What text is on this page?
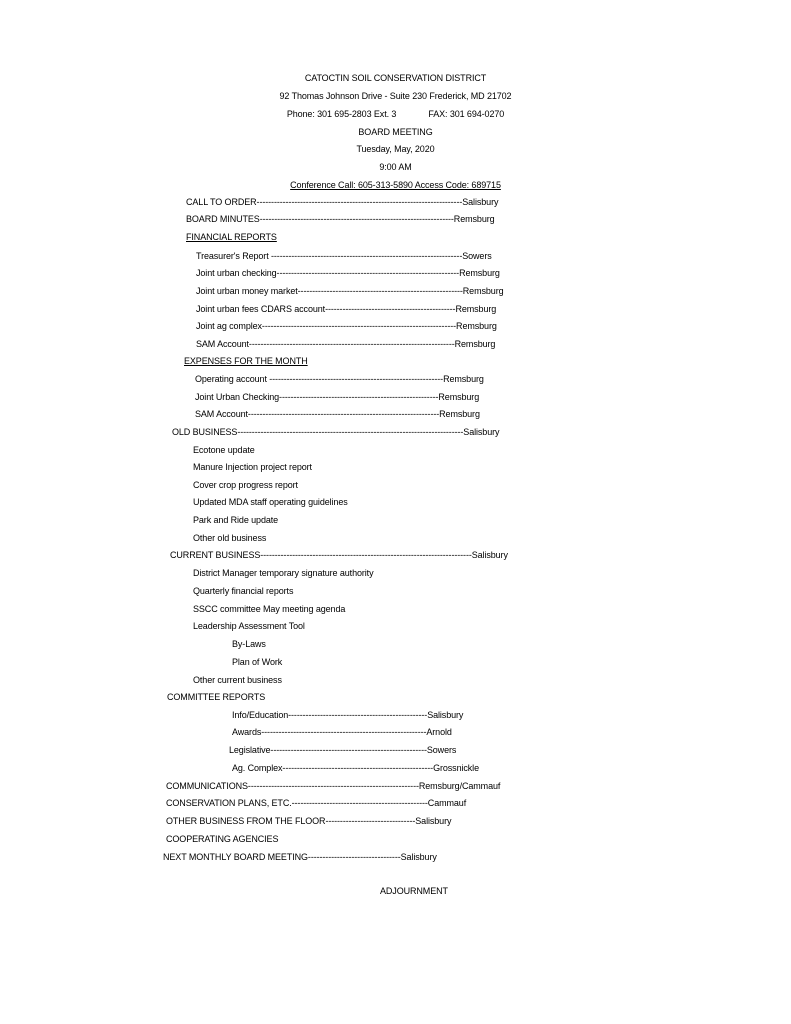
CATOCTIN SOIL CONSERVATION DISTRICT
92 Thomas Johnson Drive - Suite 230 Frederick, MD 21702
Phone: 301 695-2803 Ext. 3	FAX: 301 694-0270
BOARD MEETING
Tuesday, May, 2020
9:00 AM
Conference Call: 605-313-5890 Access Code: 689715
CALL TO ORDER-----------------------------------------------------------------------Salisbury
BOARD MINUTES-------------------------------------------------------------------Remsburg
FINANCIAL REPORTS
Treasurer's Report ------------------------------------------------------------------Sowers
Joint urban checking---------------------------------------------------------------Remsburg
Joint urban money market---------------------------------------------------------Remsburg
Joint urban fees CDARS account---------------------------------------------Remsburg
Joint ag complex-------------------------------------------------------------------Remsburg
SAM Account-----------------------------------------------------------------------Remsburg
EXPENSES FOR THE MONTH
Operating account ------------------------------------------------------------Remsburg
Joint Urban Checking-------------------------------------------------------Remsburg
SAM Account------------------------------------------------------------------Remsburg
OLD BUSINESS------------------------------------------------------------------------------Salisbury
Ecotone update
Manure Injection project report
Cover crop progress report
Updated MDA staff operating guidelines
Park and Ride update
Other old business
CURRENT BUSINESS-------------------------------------------------------------------------Salisbury
District Manager temporary signature authority
Quarterly financial reports
SSCC committee May meeting agenda
Leadership Assessment Tool
By-Laws
Plan of Work
Other current business
COMMITTEE REPORTS
Info/Education------------------------------------------------Salisbury
Awards---------------------------------------------------------Arnold
Legislative------------------------------------------------------Sowers
Ag. Complex----------------------------------------------------Grossnickle
COMMUNICATIONS-----------------------------------------------------------Remsburg/Cammauf
CONSERVATION PLANS, ETC.-----------------------------------------------Cammauf
OTHER BUSINESS FROM THE FLOOR-------------------------------Salisbury
COOPERATING AGENCIES
NEXT MONTHLY BOARD MEETING--------------------------------Salisbury
ADJOURNMENT
